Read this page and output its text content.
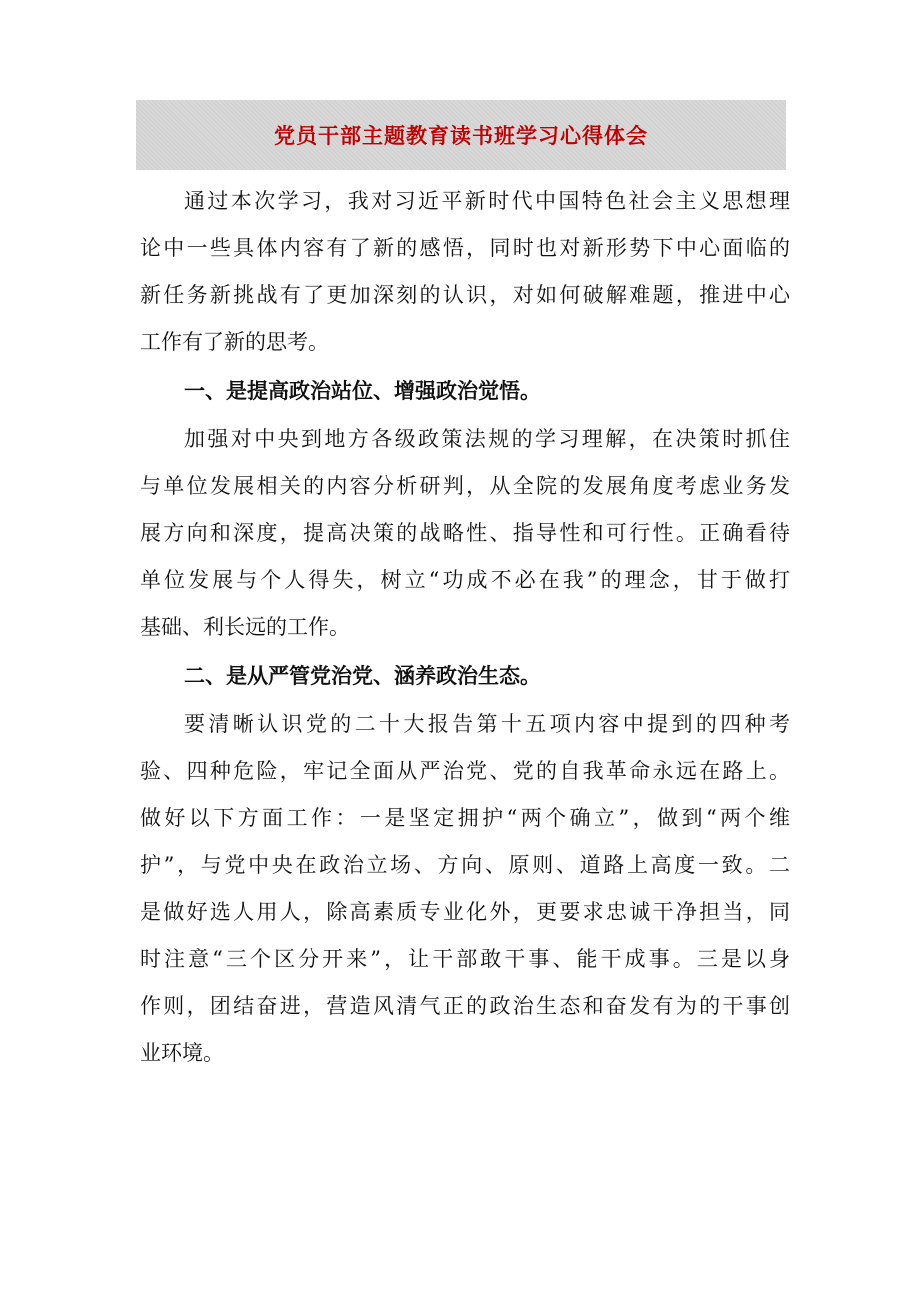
党员干部主题教育读书班学习心得体会
通过本次学习，我对习近平新时代中国特色社会主义思想理
论中一些具体内容有了新的感悟，同时也对新形势下中心面临的
新任务新挑战有了更加深刻的认识，对如何破解难题，推进中心
工作有了新的思考。
一、是提高政治站位、增强政治觉悟。
加强对中央到地方各级政策法规的学习理解，在决策时抓住
与单位发展相关的内容分析研判，从全院的发展角度考虑业务发
展方向和深度，提高决策的战略性、指导性和可行性。正确看待
单位发展与个人得失，树立“功成不必在我”的理念，甘于做打
基础、利长远的工作。
二、是从严管党治党、涵养政治生态。
要清晰认识党的二十大报告第十五项内容中提到的四种考
验、四种危险，牢记全面从严治党、党的自我革命永远在路上。
做好以下方面工作：一是坚定拥护“两个确立”，做到“两个维
护”，与党中央在政治立场、方向、原则、道路上高度一致。二
是做好选人用人，除高素质专业化外，更要求忠诚干净担当，同
时注意“三个区分开来”，让干部敢干事、能干成事。三是以身
作则，团结奋进，营造风清气正的政治生态和奋发有为的干事创
业环境。
